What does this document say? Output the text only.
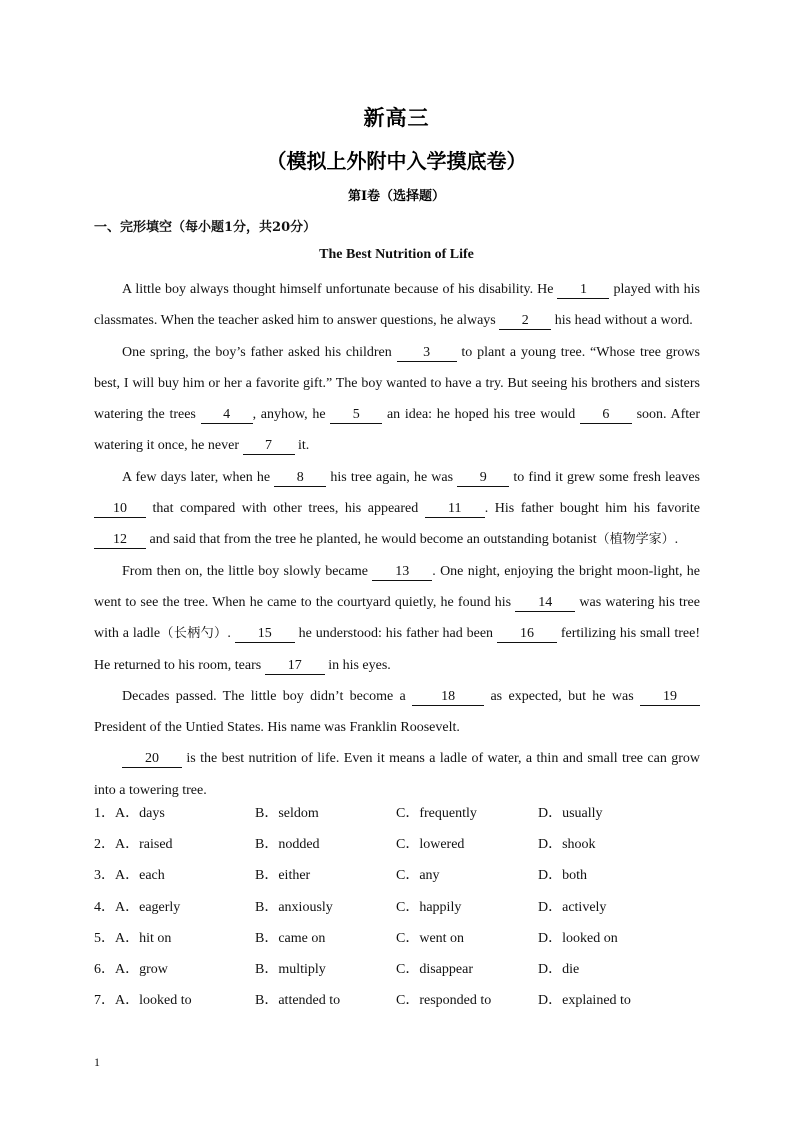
新高三
（模拟上外附中入学摸底卷）
第I卷（选择题）
一、完形填空（每小题1分，共20分）
The Best Nutrition of Life

A little boy always thought himself unfortunate because of his disability. He 1 played with his classmates. When the teacher asked him to answer questions, he always 2 his head without a word.

One spring, the boy’s father asked his children 3 to plant a young tree. “Whose tree grows best, I will buy him or her a favorite gift.” The boy wanted to have a try. But seeing his brothers and sisters watering the trees 4 , anyhow, he 5 an idea: he hoped his tree would 6 soon. After watering it once, he never 7 it.

A few days later, when he 8 his tree again, he was 9 to find it grew some fresh leaves 10 that compared with other trees, his appeared 11 . His father bought him his favorite 12 and said that from the tree he planted, he would become an outstanding botanist（植物学家）.

From then on, the little boy slowly became 13 . One night, enjoying the bright moon-light, he went to see the tree. When he came to the courtyard quietly, he found his 14 was watering his tree with a ladle（长柄勺）. 15 he understood: his father had been 16 fertilizing his small tree! He returned to his room, tears 17 in his eyes.

Decades passed. The little boy didn’t become a 18 as expected, but he was 19 President of the Untied States. His name was Franklin Roosevelt.

20 is the best nutrition of life. Even it means a ladle of water, a thin and small tree can grow into a towering tree.

1．A．days	B．seldom	C．frequently	D．usually
2．A．raised	B．nodded	C．lowered	D．shook
3．A．each	B．either	C．any	D．both
4．A．eagerly	B．anxiously	C．happily	D．actively
5．A．hit on	B．came on	C．went on	D．looked on
6．A．grow	B．multiply	C．disappear	D．die
7．A．looked to	B．attended to	C．responded to	D．explained to
1
